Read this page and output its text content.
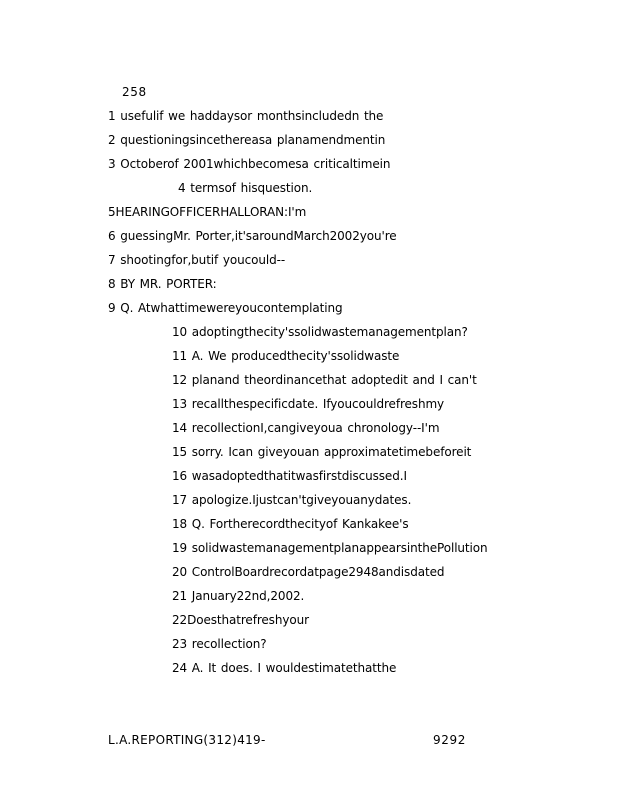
258
1 usefulif we haddaysor monthsincludedn the
2 questioningsincethereasa planamendmentin
3 Octoberof 2001whichbecomesa criticaltimein
4 termsof hisquestion.
5HEARINGOFFICERHALLORAN:I'm
6 guessingMr. Porter,it'saroundMarch2002you're
7 shootingfor,butif youcould--
8 BY MR. PORTER:
9 Q. Atwhattimewereyoucontemplating
10 adoptingthecity'ssolidwastemanagementplan?
11 A. We producedthecity'ssolidwaste
12 planand theordinancethat adoptedit and I can't
13 recallthespecificdate. Ifyoucouldrefreshmy
14 recollectionI,cangiveyoua chronology--I'm
15 sorry. Ican giveyouan approximatetimebeforeit
16 wasadoptedthatitwasfirstdiscussed.I
17 apologize.Ijustcan'tgiveyouanydates.
18 Q. Fortherecordthecityof Kankakee's
19 solidwastemanagementplanappearsinthePollution
20 ControlBoardrecordatpage2948andisdated
21 January22nd,2002.
22Doesthatrefreshyour
23 recollection?
24 A. It does. I wouldestimatethatthe
L.A.REPORTING(312)419-	9292
